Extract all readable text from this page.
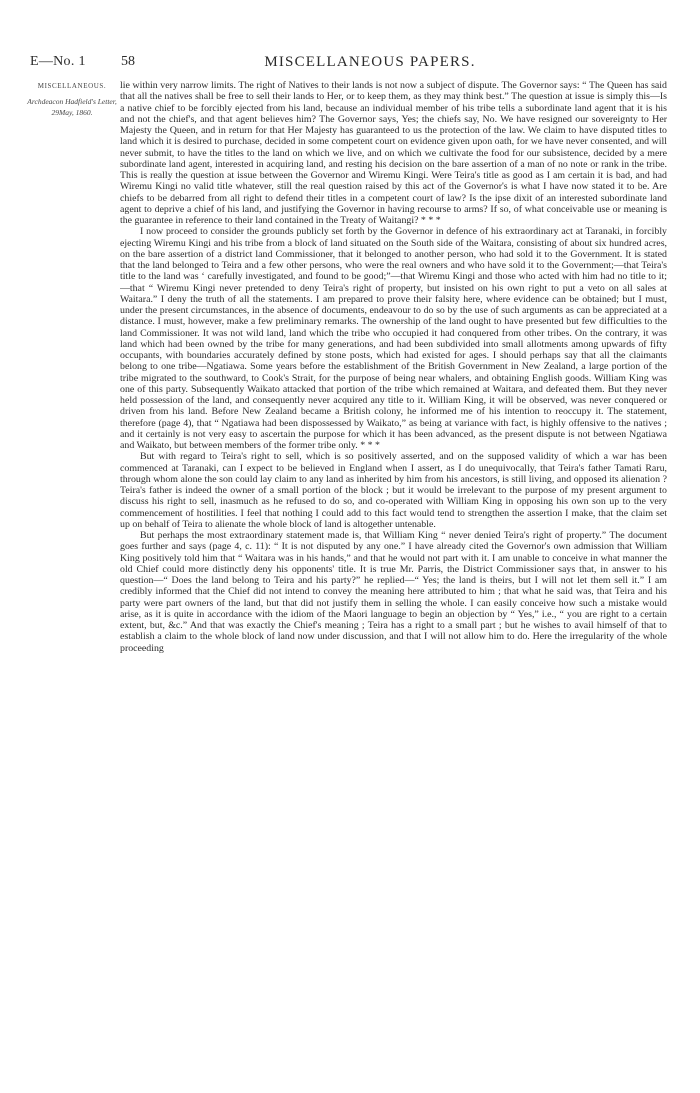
E—No. 1	58	MISCELLANEOUS PAPERS.
MISCELLANEOUS.
Archdeacon Hadfield's Letter, 29May, 1860.

lie within very narrow limits. The right of Natives to their lands is not now a subject of dispute. The Governor says: “ The Queen has said that all the natives shall be free to sell their lands to Her, or to keep them, as they may think best.” The question at issue is simply this—Is a native chief to be forcibly ejected from his land, because an individual member of his tribe tells a subordinate land agent that it is his and not the chief's, and that agent believes him? The Governor says, Yes; the chiefs say, No. We have resigned our sovereignty to Her Majesty the Queen, and in return for that Her Majesty has guaranteed to us the protection of the law. We claim to have disputed titles to land which it is desired to purchase, decided in some competent court on evidence given upon oath, for we have never consented, and will never submit, to have the titles to the land on which we live, and on which we cultivate the food for our subsistence, decided by a mere subordinate land agent, interested in acquiring land, and resting his decision on the bare assertion of a man of no note or rank in the tribe. This is really the question at issue between the Governor and Wiremu Kingi. Were Teira's title as good as I am certain it is bad, and had Wiremu Kingi no valid title whatever, still the real question raised by this act of the Governor's is what I have now stated it to be. Are chiefs to be debarred from all right to defend their titles in a competent court of law? Is the ipse dixit of an interested subordinate land agent to deprive a chief of his land, and justifying the Governor in having recourse to arms? If so, of what conceivable use or meaning is the guarantee in reference to their land contained in the Treaty of Waitangi? * * *

I now proceed to consider the grounds publicly set forth by the Governor in defence of his extraordinary act at Taranaki, in forcibly ejecting Wiremu Kingi and his tribe from a block of land situated on the South side of the Waitara, consisting of about six hundred acres, on the bare assertion of a district land Commissioner, that it belonged to another person, who had sold it to the Government. It is stated that the land belonged to Teira and a few other persons, who were the real owners and who have sold it to the Government;—that Teira's title to the land was ‘ carefully investigated, and found to be good;”—that Wiremu Kingi and those who acted with him had no title to it;—that “ Wiremu Kingi never pretended to deny Teira's right of property, but insisted on his own right to put a veto on all sales at Waitara.” I deny the truth of all the statements. I am prepared to prove their falsity here, where evidence can be obtained; but I must, under the present circumstances, in the absence of documents, endeavour to do so by the use of such arguments as can be appreciated at a distance. I must, however, make a few preliminary remarks. The ownership of the land ought to have presented but few difficulties to the land Commissioner. It was not wild land, land which the tribe who occupied it had conquered from other tribes. On the contrary, it was land which had been owned by the tribe for many generations, and had been subdivided into small allotments among upwards of fifty occupants, with boundaries accurately defined by stone posts, which had existed for ages. I should perhaps say that all the claimants belong to one tribe—Ngatiawa. Some years before the establishment of the British Government in New Zealand, a large portion of the tribe migrated to the southward, to Cook's Strait, for the purpose of being near whalers, and obtaining English goods. William King was one of this party. Subsequently Waikato attacked that portion of the tribe which remained at Waitara, and defeated them. But they never held possession of the land, and consequently never acquired any title to it. William King, it will be observed, was never conquered or driven from his land. Before New Zealand became a British colony, he informed me of his intention to reoccupy it. The statement, therefore (page 4), that “ Ngatiawa had been dispossessed by Waikato,” as being at variance with fact, is highly offensive to the natives ; and it certainly is not very easy to ascertain the purpose for which it has been advanced, as the present dispute is not between Ngatiawa and Waikato, but between members of the former tribe only. * * *

But with regard to Teira's right to sell, which is so positively asserted, and on the supposed validity of which a war has been commenced at Taranaki, can I expect to be believed in England when I assert, as I do unequivocally, that Teira's father Tamati Raru, through whom alone the son could lay claim to any land as inherited by him from his ancestors, is still living, and opposed its alienation ? Teira's father is indeed the owner of a small portion of the block ; but it would be irrelevant to the purpose of my present argument to discuss his right to sell, inasmuch as he refused to do so, and co-operated with William King in opposing his own son up to the very commencement of hostilities. I feel that nothing I could add to this fact would tend to strengthen the assertion I make, that the claim set up on behalf of Teira to alienate the whole block of land is altogether untenable.

But perhaps the most extraordinary statement made is, that William King “ never denied Teira's right of property.” The document goes further and says (page 4, c. 11): “ It is not disputed by any one.” I have already cited the Governor's own admission that William King positively told him that “ Waitara was in his hands,” and that he would not part with it. I am unable to conceive in what manner the old Chief could more distinctly deny his opponents' title. It is true Mr. Parris, the District Commissioner says that, in answer to his question—“ Does the land belong to Teira and his party?” he replied—“ Yes; the land is theirs, but I will not let them sell it.” I am credibly informed that the Chief did not intend to convey the meaning here attributed to him ; that what he said was, that Teira and his party were part owners of the land, but that did not justify them in selling the whole. I can easily conceive how such a mistake would arise, as it is quite in accordance with the idiom of the Maori language to begin an objection by “ Yes,” i.e., “ you are right to a certain extent, but, &c.” And that was exactly the Chief's meaning ; Teira has a right to a small part ; but he wishes to avail himself of that to establish a claim to the whole block of land now under discussion, and that I will not allow him to do. Here the irregularity of the whole proceeding
